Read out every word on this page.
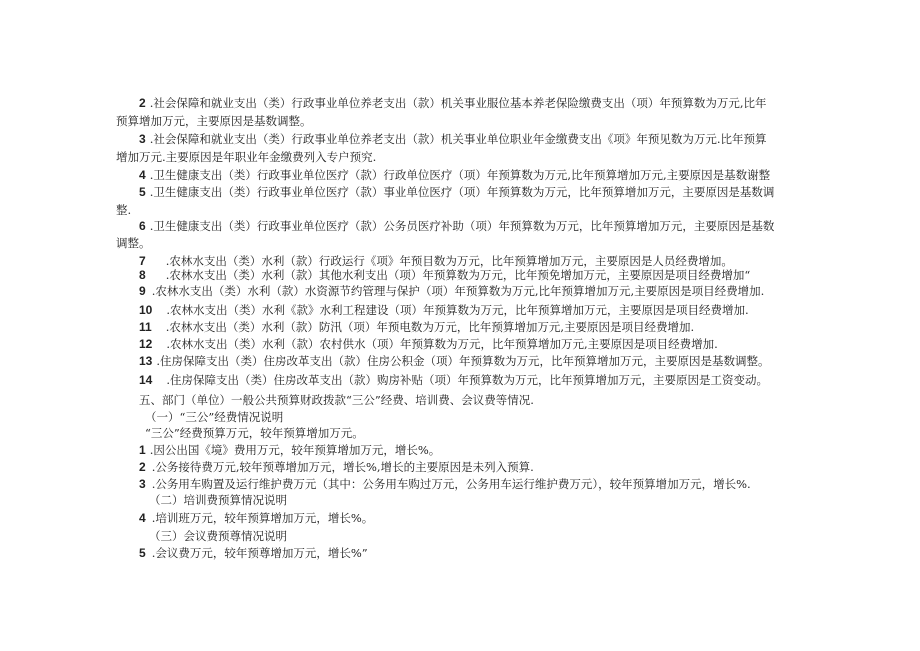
2 .社会保障和就业支出（类）行政事业单位养老支出（款）机关事业服位基本养老保险缴费支出（项）年预算数为万元,比年
预算增加万元，主要原因是基数调整。
3 .社会保障和就业支出（类）行政事业单位养老支出（款）机关事业单位职业年金缴费支出《项》年预见数为万元.比年预算
增加万元.主要原因是年职业年金缴费列入专户预究.
4 .卫生健康支出（类）行政事业单位医疗（款）行政单位医疗（项）年预算数为万元,比年预算增加万元,主要原因是基数谢整
5 .卫生健康支出（类）行政事业单位医疗（款）事业单位医疗（项）年预算数为万元，比年预算增加万元，主要原因是基数调
整.
6 .卫生健康支出（类）行政事业单位医疗（款）公务员医疗补助（项）年预算数为万元，比年预算增加万元，主要原因是基数
调整。
7 .农林水支出（类）水利（款）行政运行《项》年预目数为万元，比年预算增加万元，主要原因是人员经费增加。
8 .农林水支出（类）水利（款）其他水利支出（项）年预算数为万元，比年预免增加万元，主要原因是项目经费增加“
9 .农林水支出（类）水利（款）水资源节约管理与保护（项）年预算数为万元,比年预算增加万元,主要原因是项目经费增加.
10 .农林水支出（类）水利《款》水利工程建设（项）年预算数为万元，比年预算增加万元，主要原因是项目经费增加.
11 .农林水支出（类）水利（款）防汛（项）年预电数为万元，比年预算增加万元,主要原因是项目经费增加.
12 .农林水支出（类）水利（款）农村供水（项）年预算数为万元，比年预算增加万元,主要原因是项目经费增加.
13 .住房保障支出（类）住房改革支出（款）住房公积金（项）年预算数为万元，比年预算增加万元，主要原因是基数调整。
14 .住房保障支出（类）住房改革支出（款）购房补贴（项）年预算数为万元，比年预算增加万元，主要原因是工资变动。
五、部门（单位）一般公共预算财政拨款“三公”经费、培训费、会议费等情况.
（一）“三公”经费情况说明
“三公”经费预算万元，较年预算增加万元。
1 .因公出国《境》费用万元，较年预算增加万元，增长%。
2 .公务接待费万元,较年预尊增加万元，增长%,增长的主要原因是未列入预算.
3 .公务用车购置及运行维护费万元（其中：公务用车购过万元，公务用车运行维护费万元），较年预算增加万元，增长%.
（二）培训费预算情况说明
4 .培训班万元，较年预算增加万元，增长%。
（三）会议费预尊情况说明
5 .会议费万元，较年预尊增加万元，增长%”
